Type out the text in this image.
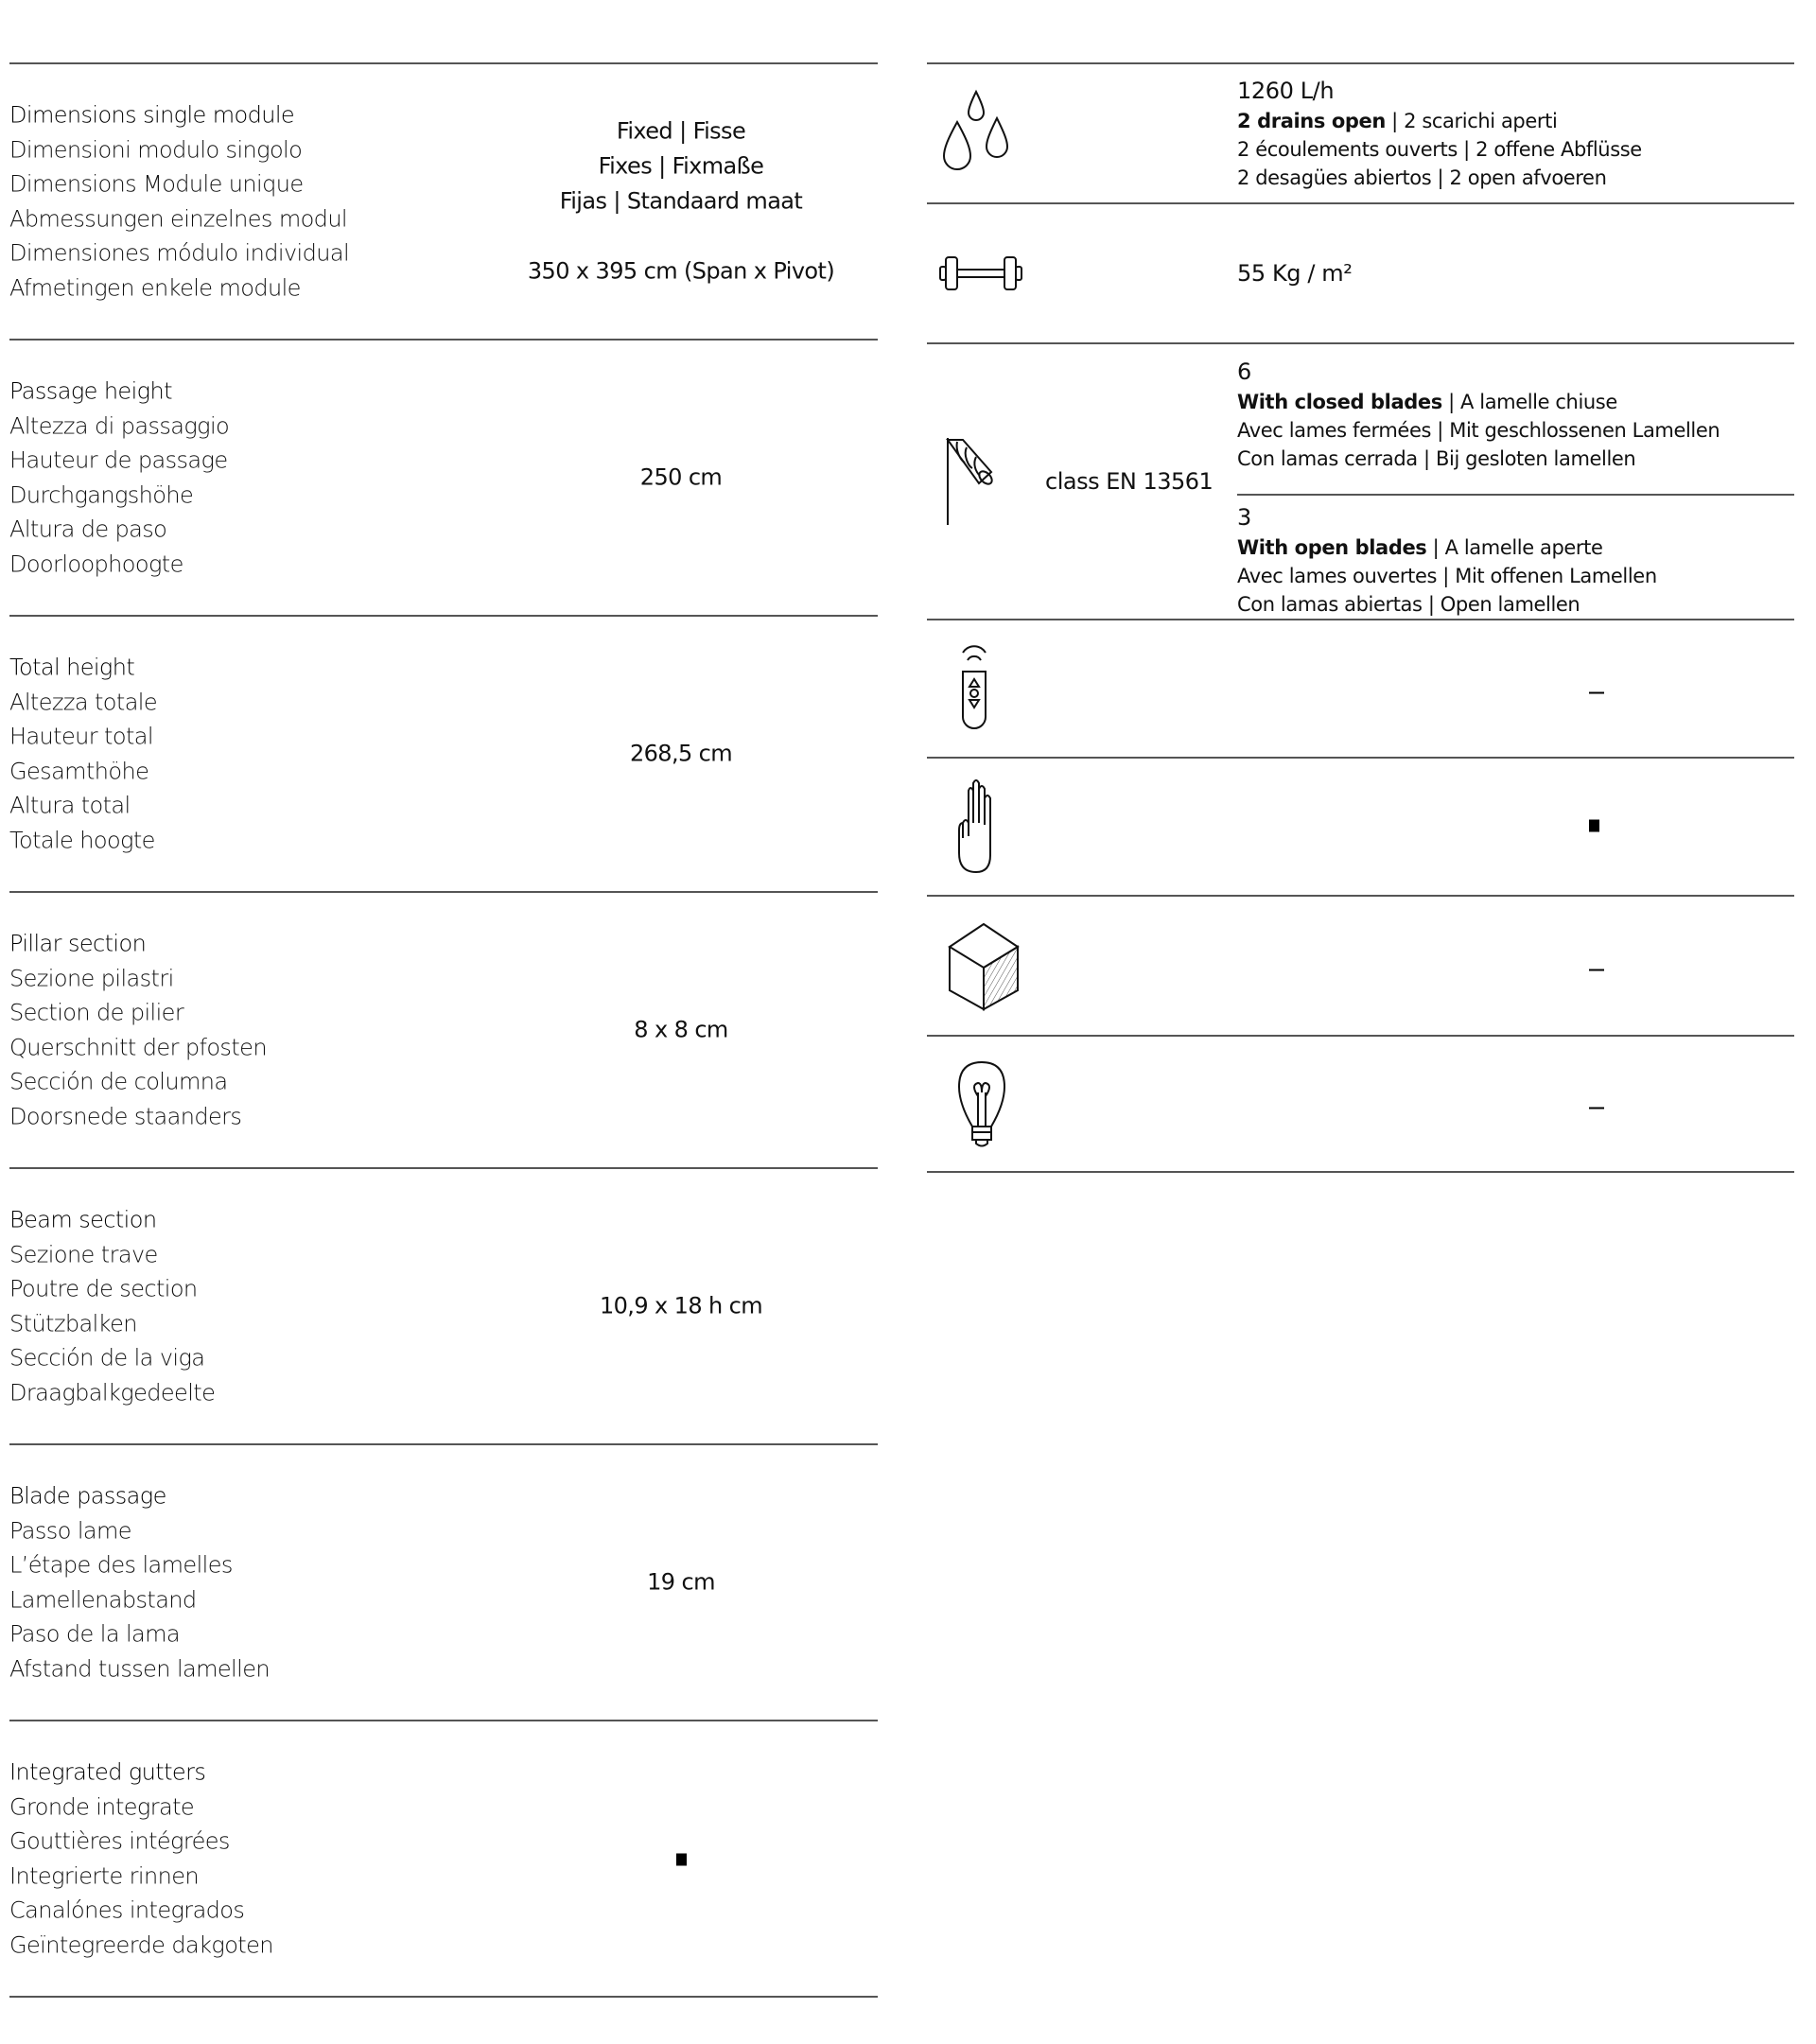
Dimensions single module
Dimensioni modulo singolo
Dimensions Module unique
Abmessungen einzelnes modul
Dimensiones módulo individual
Afmetingen enkele module
Fixed | Fisse
Fixes | Fixmaße
Fijas | Standaard maat
350 x 395 cm (Span x Pivot)
Passage height
Altezza di passaggio
Hauteur de passage
Durchgangshöhe
Altura de paso
Doorloophoogte
250 cm
Total height
Altezza totale
Hauteur total
Gesamthöhe
Altura total
Totale hoogte
268,5 cm
Pillar section
Sezione pilastri
Section de pilier
Querschnitt der pfosten
Sección de columna
Doorsnede staanders
8 x 8 cm
Beam section
Sezione trave
Poutre de section
Stützbalken
Sección de la viga
Draagbalkgedeelte
10,9 x 18 h cm
Blade passage
Passo lame
L’étape des lamelles
Lamellenabstand
Paso de la lama
Afstand tussen lamellen
19 cm
Integrated gutters
Gronde integrate
Gouttières intégrées
Integrierte rinnen
Canalónes integrados
Geïntegreerde dakgoten
1260 L/h
2 drains open | 2 scarichi aperti
2 écoulements ouverts | 2 offene Abflüsse
2 desagües abiertos | 2 open afvoeren
55 Kg / m²
class EN 13561
6
With closed blades | A lamelle chiuse
Avec lames fermées | Mit geschlossenen Lamellen
Con lamas cerrada | Bij gesloten lamellen
3
With open blades | A lamelle aperte
Avec lames ouvertes | Mit offenen Lamellen
Con lamas abiertas | Open lamellen
